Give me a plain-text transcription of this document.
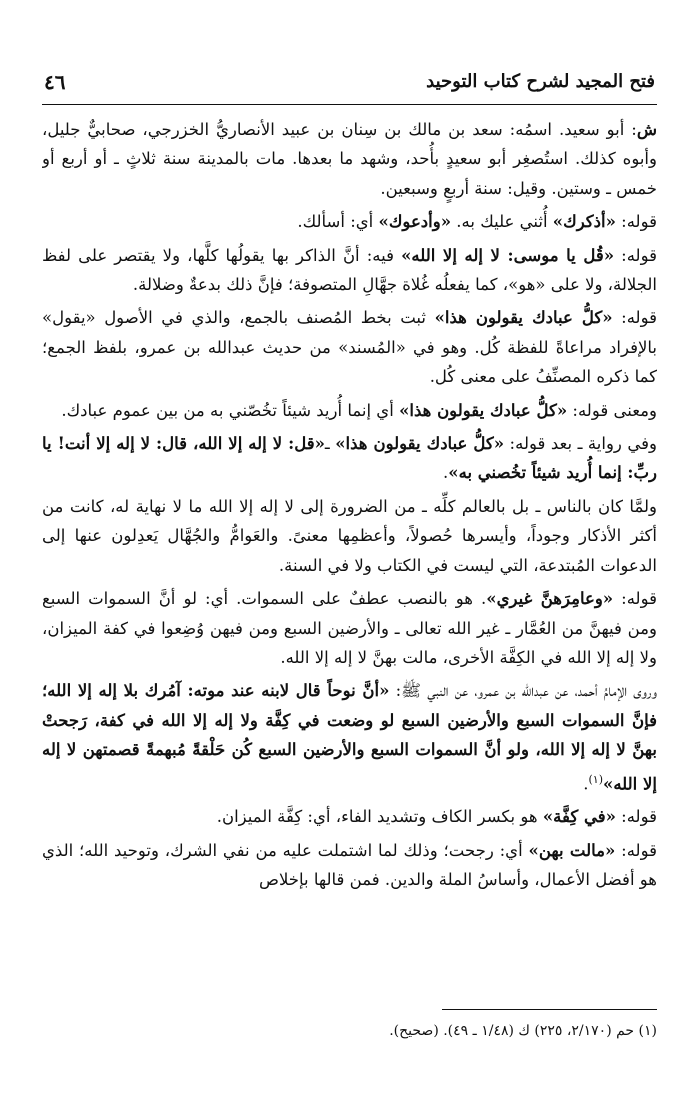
٤٦	فتح المجيد لشرح كتاب التوحيد

ش: أبو سعيد. اسمُه: سعد بن مالك بن سِنان بن عبيد الأنصاريُّ الخزرجي، صحابيٌّ جليل، وأبوه كذلك. استُصغِر أبو سعيدٍ بأُحد، وشهد ما بعدها. مات بالمدينة سنة ثلاثٍ ـ أو أربع أو خمس ـ وستين. وقيل: سنة أربعٍ وسبعين.

قوله: «أذكرك» أُثني عليك به. «وأدعوك» أي: أسألك.

قوله: «قُل يا موسى: لا إله إلا الله» فيه: أنَّ الذاكر بها يقولُها كلَّها، ولا يقتصر على لفظ الجلالة، ولا على «هو»، كما يفعلُه غُلاة جهَّالِ المتصوفة؛ فإنَّ ذلك بدعةٌ وضلالة.

قوله: «كلُّ عبادك يقولون هذا» ثبت بخط المُصنف بالجمع، والذي في الأصول «يقول» بالإفراد مراعاةً للفظة كُل. وهو في «المُسند» من حديث عبدالله بن عمرو، بلفظ الجمع؛ كما ذكره المصنِّفُ على معنى كُل.

ومعنى قوله: «كلُّ عبادك يقولون هذا» أي إنما أُريد شيئاً تخُصّني به من بين عموم عبادك.

وفي رواية ـ بعد قوله: «كلُّ عبادك يقولون هذا» ـ«قل: لا إله إلا الله، قال: لا إله إلا أنت! يا ربِّ: إنما أُريد شيئاً تخُصني به».

ولمَّا كان بالناس ـ بل بالعالم كلِّه ـ من الضرورة إلى لا إله إلا الله ما لا نهاية له، كانت من أكثر الأذكار وجوداً، وأيسرها حُصولاً، وأعظمِها معنىً. والعَوامُّ والجُهَّال يَعدِلون عنها إلى الدعوات المُبتدعة، التي ليست في الكتاب ولا في السنة.

قوله: «وعامِرَهنَّ غيري». هو بالنصب عطفٌ على السموات. أي: لو أنَّ السموات السبع ومن فيهنَّ من العُمَّار ـ غير الله تعالى ـ والأرضين السبع ومن فيهن وُضِعوا في كفة الميزان، ولا إله إلا الله في الكِفَّة الأخرى، مالت بهنَّ لا إله إلا الله.

وروى الإمامُ أحمد، عن عبدالله بن عمرو، عن النبي ﷺ: «أنَّ نوحاً قال لابنه عند موته: آمُرك بلا إله إلا الله؛ فإنَّ السموات السبع والأرضين السبع لو وضعت في كِفَّة ولا إله إلا الله في كفة، رَجحتْ بهنَّ لا إله إلا الله، ولو أنَّ السموات السبع والأرضين السبع كُن حَلْقةً مُبهمةً قصمتهن لا إله إلا الله»$^{(١)}$.

قوله: «في كِفَّة» هو بكسر الكاف وتشديد الفاء، أي: كِفَّة الميزان.

قوله: «مالت بهن» أي: رجحت؛ وذلك لما اشتملت عليه من نفي الشرك، وتوحيد الله؛ الذي هو أفضل الأعمال، وأساسُ الملة والدين. فمن قالها بإخلاص

(١) حم (٢/١٧٠، ٢٢٥) ك (١/٤٨ ـ ٤٩). (صحيح).
